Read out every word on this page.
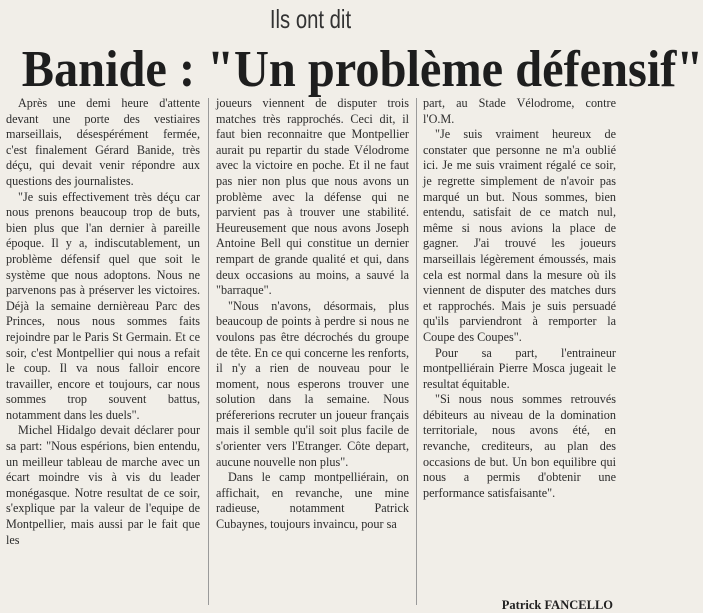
Ils ont dit
Banide : "Un problème défensif"

Après une demi heure d'attente devant une porte des vestiaires marseillais, désespérément fermée, c'est finalement Gérard Banide, très déçu, qui devait venir répondre aux questions des journalistes.

"Je suis effectivement très déçu car nous prenons beaucoup trop de buts, bien plus que l'an dernier à pareille époque. Il y a, indiscutablement, un problème défensif quel que soit le système que nous adoptons. Nous ne parvenons pas à préserver les victoires. Déjà la semaine dernièreau Parc des Princes, nous nous sommes faits rejoindre par le Paris St Germain. Et ce soir, c'est Montpellier qui nous a refait le coup. Il va nous falloir encore travailler, encore et toujours, car nous sommes trop souvent battus, notamment dans les duels".

Michel Hidalgo devait déclarer pour sa part: "Nous espérions, bien entendu, un meilleur tableau de marche avec un écart moindre vis à vis du leader monégasque. Notre resultat de ce soir, s'explique par la valeur de l'equipe de Montpellier, mais aussi par le fait que les

joueurs viennent de disputer trois matches très rapprochés. Ceci dit, il faut bien reconnaitre que Montpellier aurait pu repartir du stade Vélodrome avec la victoire en poche. Et il ne faut pas nier non plus que nous avons un problème avec la défense qui ne parvient pas à trouver une stabilité. Heureusement que nous avons Joseph Antoine Bell qui constitue un dernier rempart de grande qualité et qui, dans deux occasions au moins, a sauvé la "barraque".

"Nous n'avons, désormais, plus beaucoup de points à perdre si nous ne voulons pas être décrochés du groupe de tête. En ce qui concerne les renforts, il n'y a rien de nouveau pour le moment, nous esperons trouver une solution dans la semaine. Nous préfererions recruter un joueur français mais il semble qu'il soit plus facile de s'orienter vers l'Etranger. Côte depart, aucune nouvelle non plus".

Dans le camp montpelliérain, on affichait, en revanche, une mine radieuse, notamment Patrick Cubaynes, toujours invaincu, pour sa

part, au Stade Vélodrome, contre l'O.M.

"Je suis vraiment heureux de constater que personne ne m'a oublié ici. Je me suis vraiment régalé ce soir, je regrette simplement de n'avoir pas marqué un but. Nous sommes, bien entendu, satisfait de ce match nul, même si nous avions la place de gagner. J'ai trouvé les joueurs marseillais légèrement émoussés, mais cela est normal dans la mesure où ils viennent de disputer des matches durs et rapprochés. Mais je suis persuadé qu'ils parviendront à remporter la Coupe des Coupes".

Pour sa part, l'entraineur montpelliérain Pierre Mosca jugeait le resultat équitable.

"Si nous nous sommes retrouvés débiteurs au niveau de la domination territoriale, nous avons été, en revanche, crediteurs, au plan des occasions de but. Un bon equilibre qui nous a permis d'obtenir une performance satisfaisante".

Patrick FANCELLO
